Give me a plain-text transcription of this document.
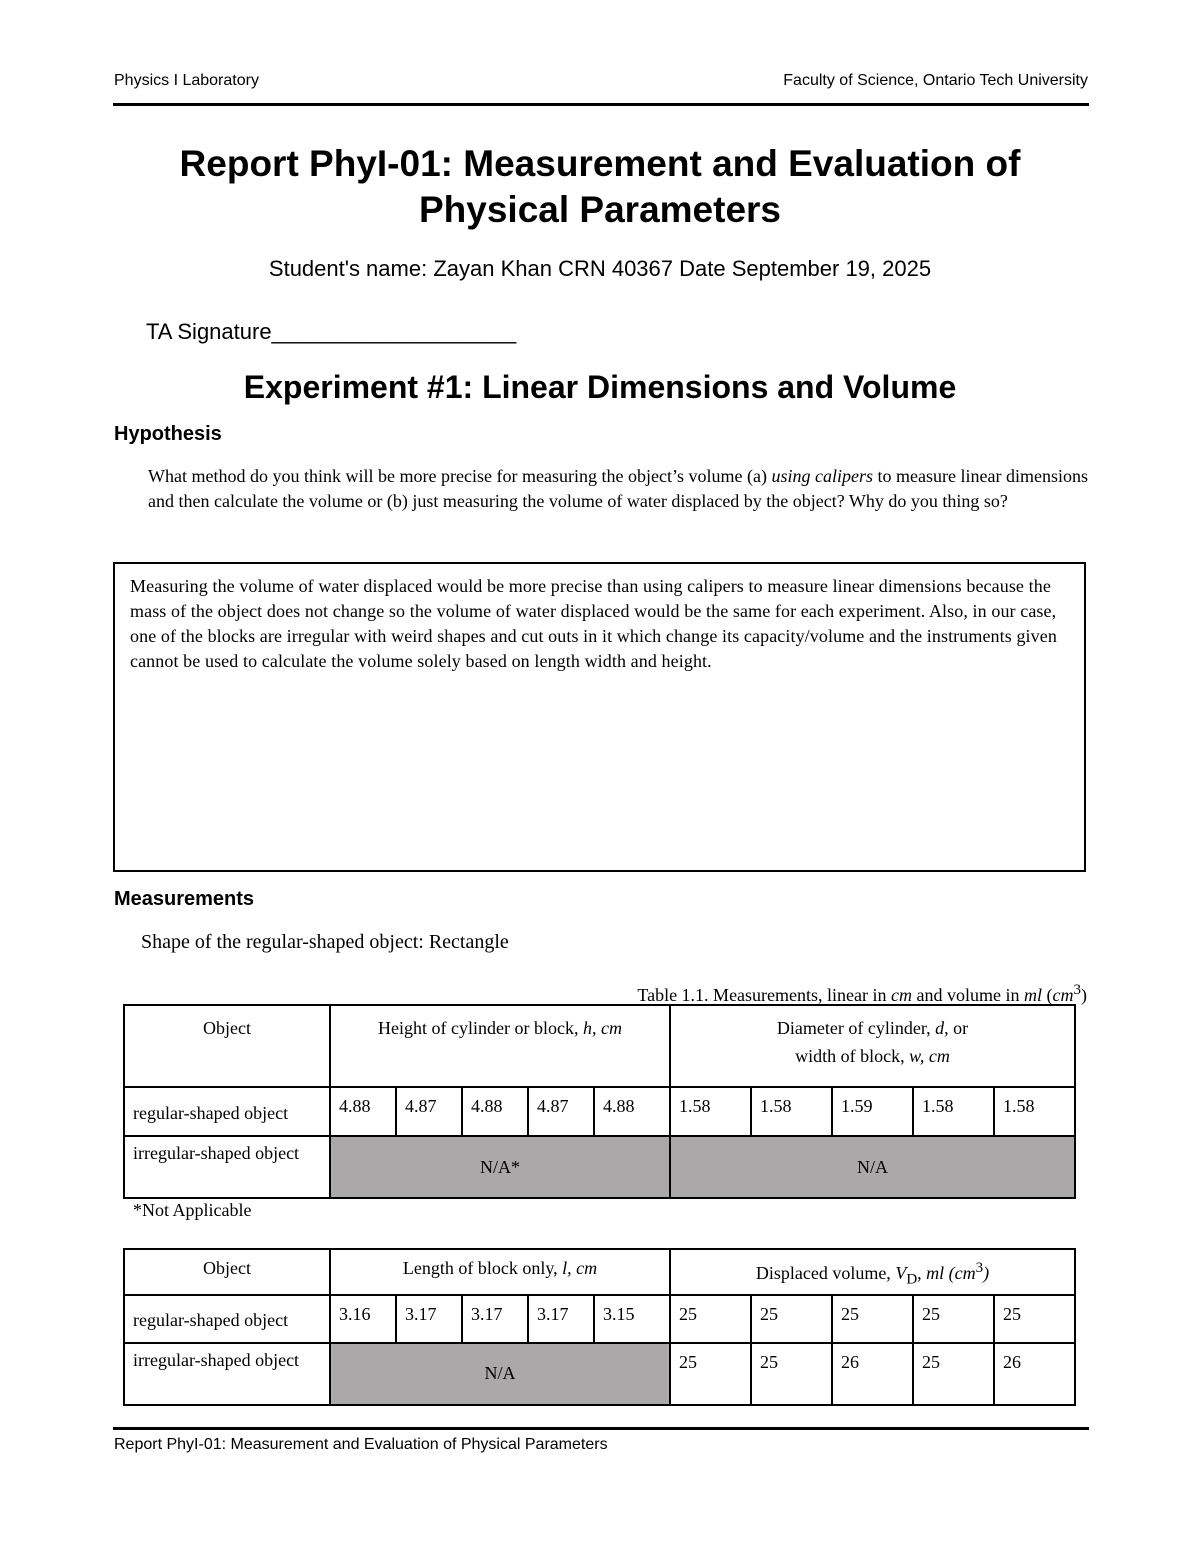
Physics I Laboratory	Faculty of Science, Ontario Tech University
Report PhyI-01: Measurement and Evaluation of
Physical Parameters
Student's name: Zayan Khan CRN 40367 Date September 19, 2025
TA Signature____________________
Experiment #1: Linear Dimensions and Volume
Hypothesis
What method do you think will be more precise for measuring the object’s volume (a) using calipers to measure linear dimensions and then calculate the volume or (b) just measuring the volume of water displaced by the object? Why do you thing so?
Measuring the volume of water displaced would be more precise than using calipers to measure linear dimensions because the mass of the object does not change so the volume of water displaced would be the same for each experiment. Also, in our case, one of the blocks are irregular with weird shapes and cut outs in it which change its capacity/volume and the instruments given cannot be used to calculate the volume solely based on length width and height.
Measurements
Shape of the regular-shaped object: Rectangle
Table 1.1. Measurements, linear in cm and volume in ml $(cm^3)$
Object	Height of cylinder or block, h, cm					Diameter of cylinder, d, or
width of block, w, cm				

regular-shaped object	4.88	4.87	4.88	4.87	4.88	1.58	1.58	1.59	1.58	1.58
irregular-shaped object	N/A*					N/A				
*Not Applicable
Object	Length of block only, l, cm					Displaced volume, $V_D$, ml $(cm^3)$				
regular-shaped object	3.16	3.17	3.17	3.17	3.15	25	25	25	25	25
irregular-shaped object	N/A					25	25	26	25	26
Report PhyI-01: Measurement and Evaluation of Physical Parameters
